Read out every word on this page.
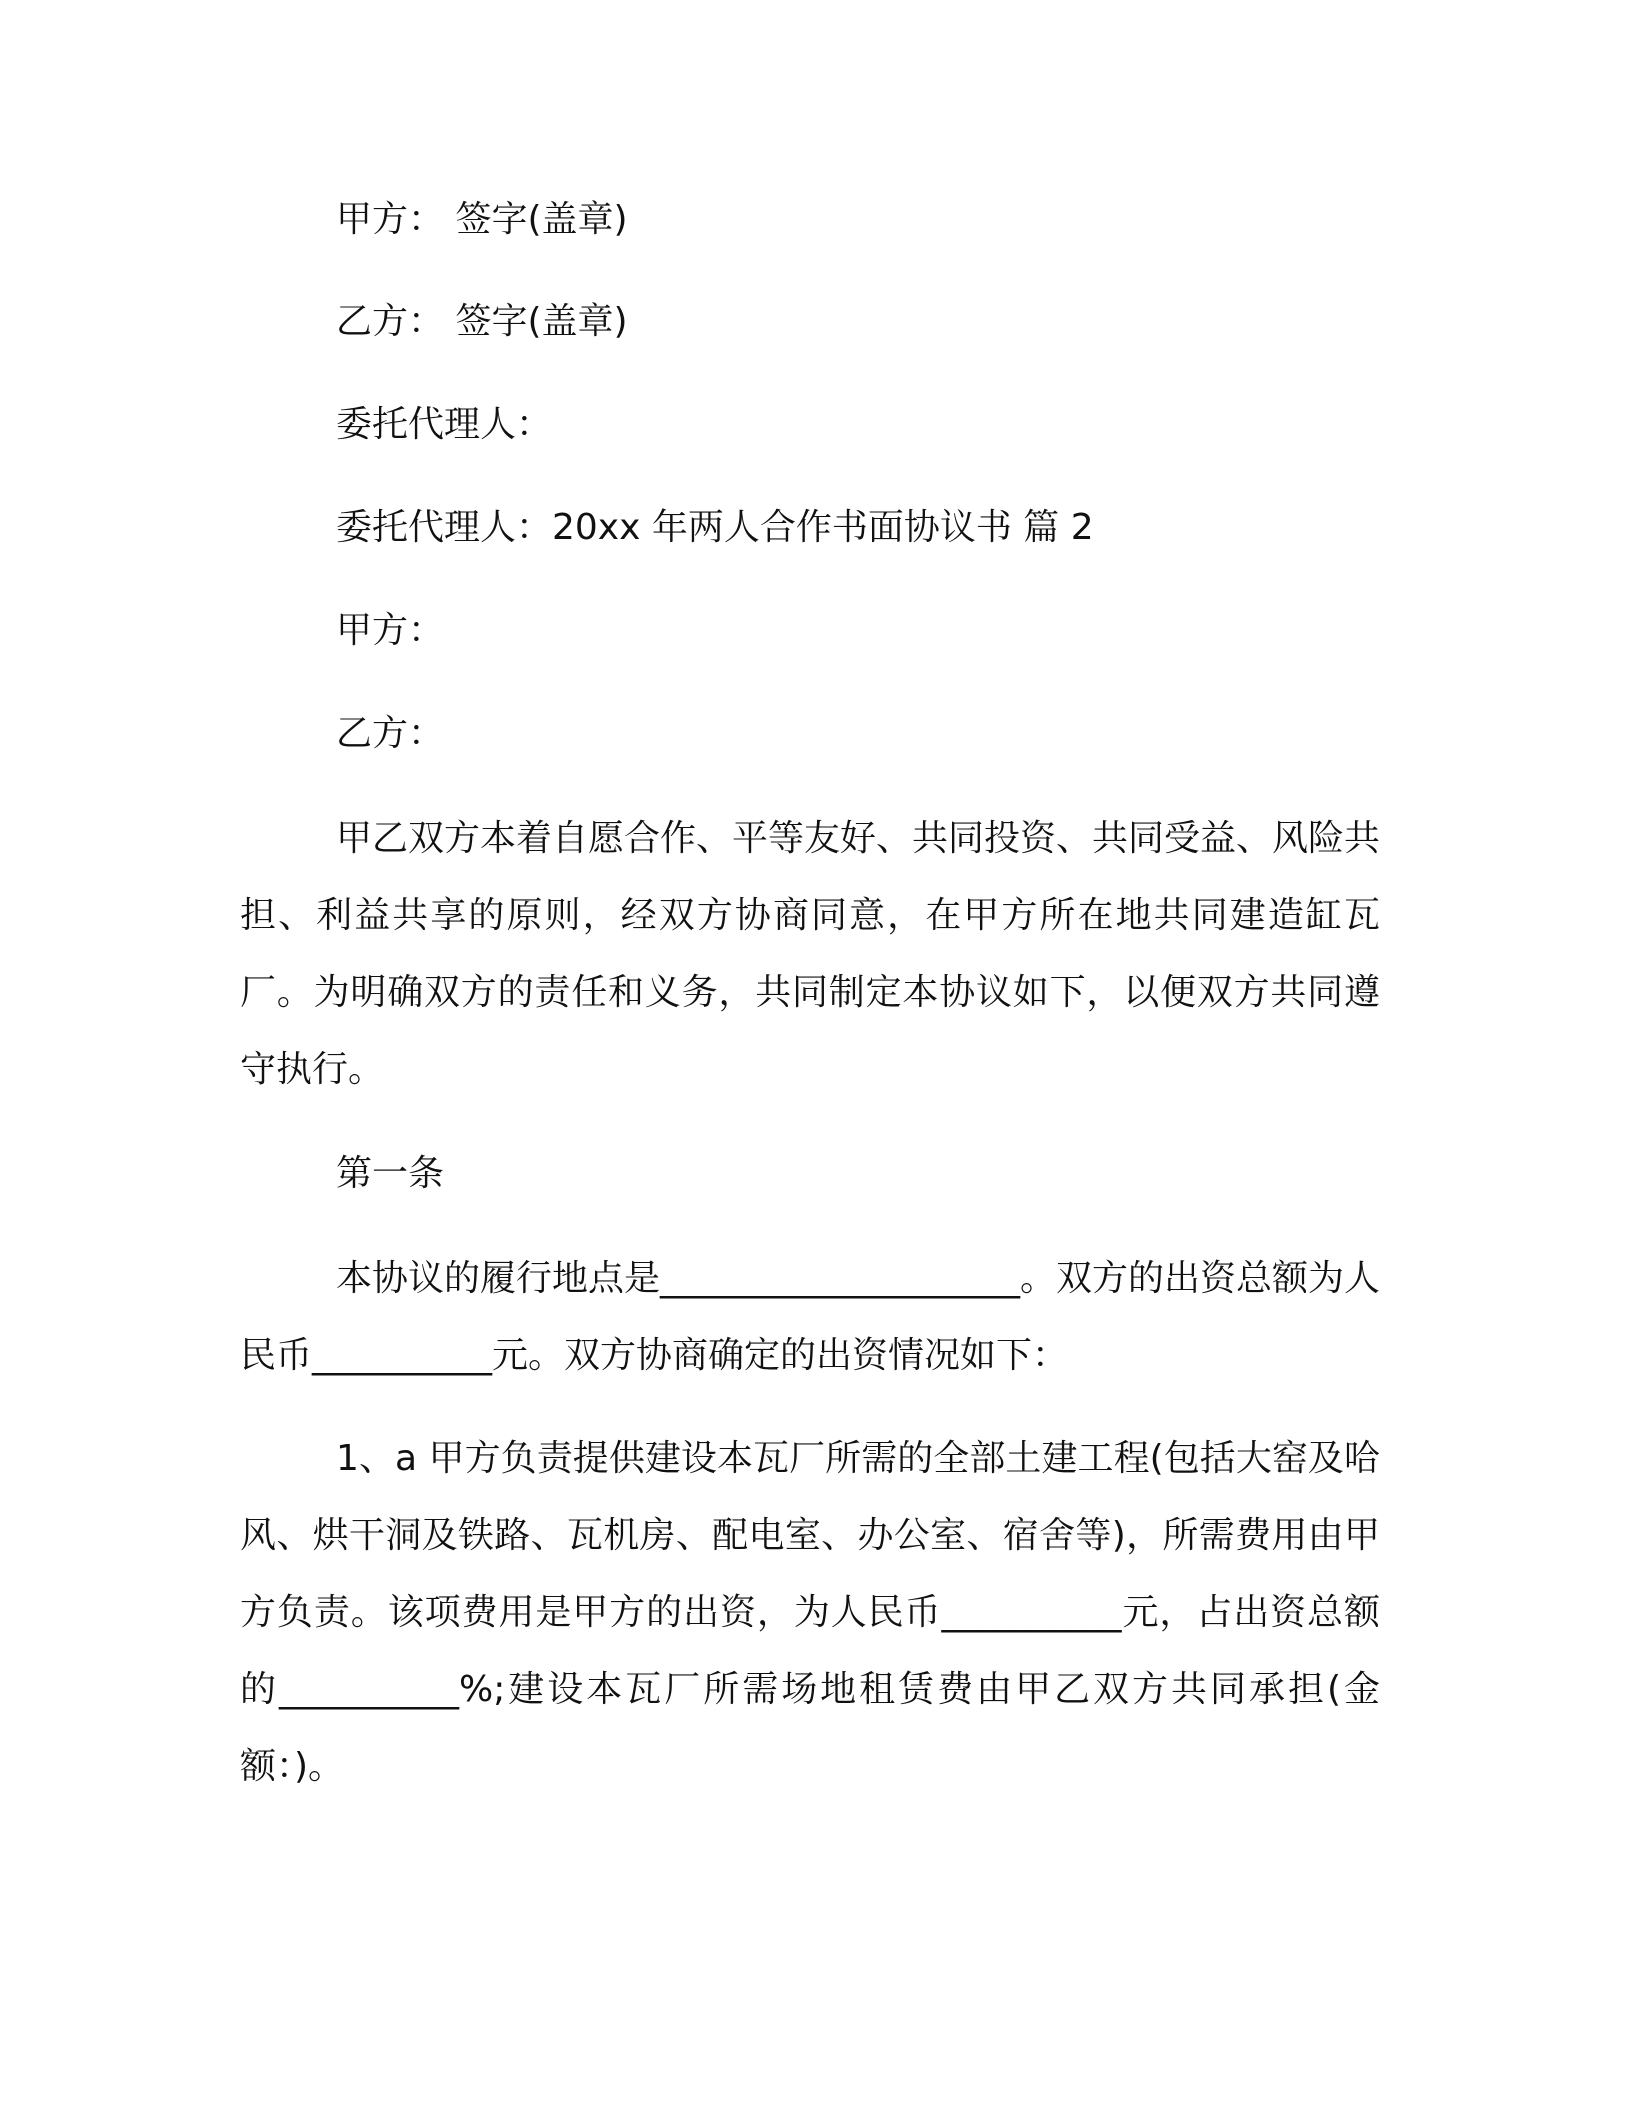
甲方： 签字(盖章)

乙方： 签字(盖章)

委托代理人：

委托代理人：20xx 年两人合作书面协议书 篇 2

甲方：

乙方：

甲乙双方本着自愿合作、平等友好、共同投资、共同受益、风险共担、利益共享的原则，经双方协商同意，在甲方所在地共同建造缸瓦厂。为明确双方的责任和义务，共同制定本协议如下，以便双方共同遵守执行。

第一条

本协议的履行地点是____________________。双方的出资总额为人民币__________元。双方协商确定的出资情况如下：

1、a 甲方负责提供建设本瓦厂所需的全部土建工程(包括大窑及哈风、烘干洞及铁路、瓦机房、配电室、办公室、宿舍等)，所需费用由甲方负责。该项费用是甲方的出资，为人民币__________元，占出资总额的__________%;建设本瓦厂所需场地租赁费由甲乙双方共同承担(金额：)。
